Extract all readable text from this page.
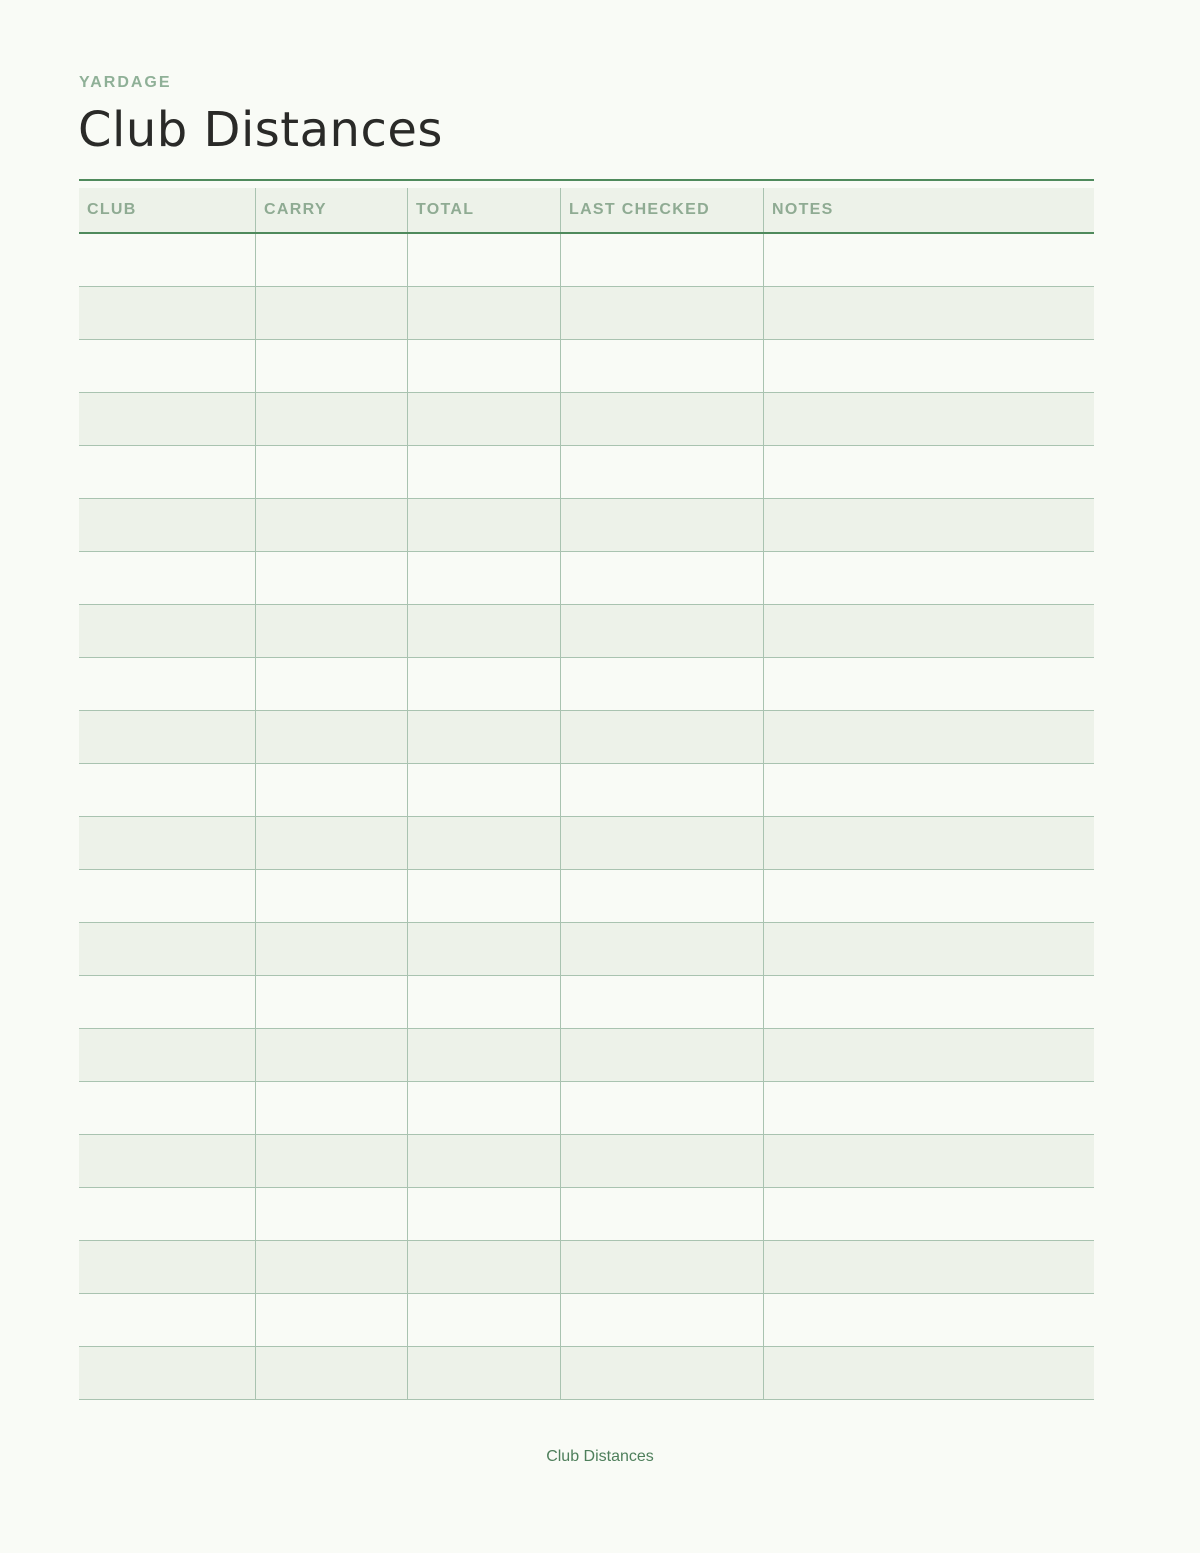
YARDAGE
Club Distances
CLUB	CARRY	TOTAL	LAST CHECKED	NOTES
Club Distances
